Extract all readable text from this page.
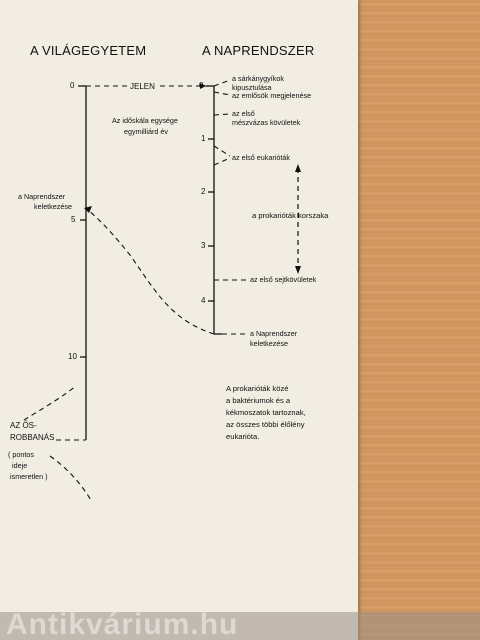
A VILÁGEGYETEM	A NAPRENDSZER
0
5
10
JELEN
a Naprendszer
keletkezése
AZ ŐS-
ROBBANÁS
( pontos
ideje
ismeretlen )
Az időskála egysége
egymilliárd év
0
1
2
3
4
a sárkánygyíkok
kipusztulása
az emlősök megjelenése
az első
mészvázas kövületek
az első eukarióták
a prokarióták korszaka
az első sejtkövületek
a Naprendszer
keletkezése
A prokarióták közé
a baktériumok és a
kékmoszatok tartoznak,
az összes többi élőlény
eukarióta.
Antikvárium.hu
